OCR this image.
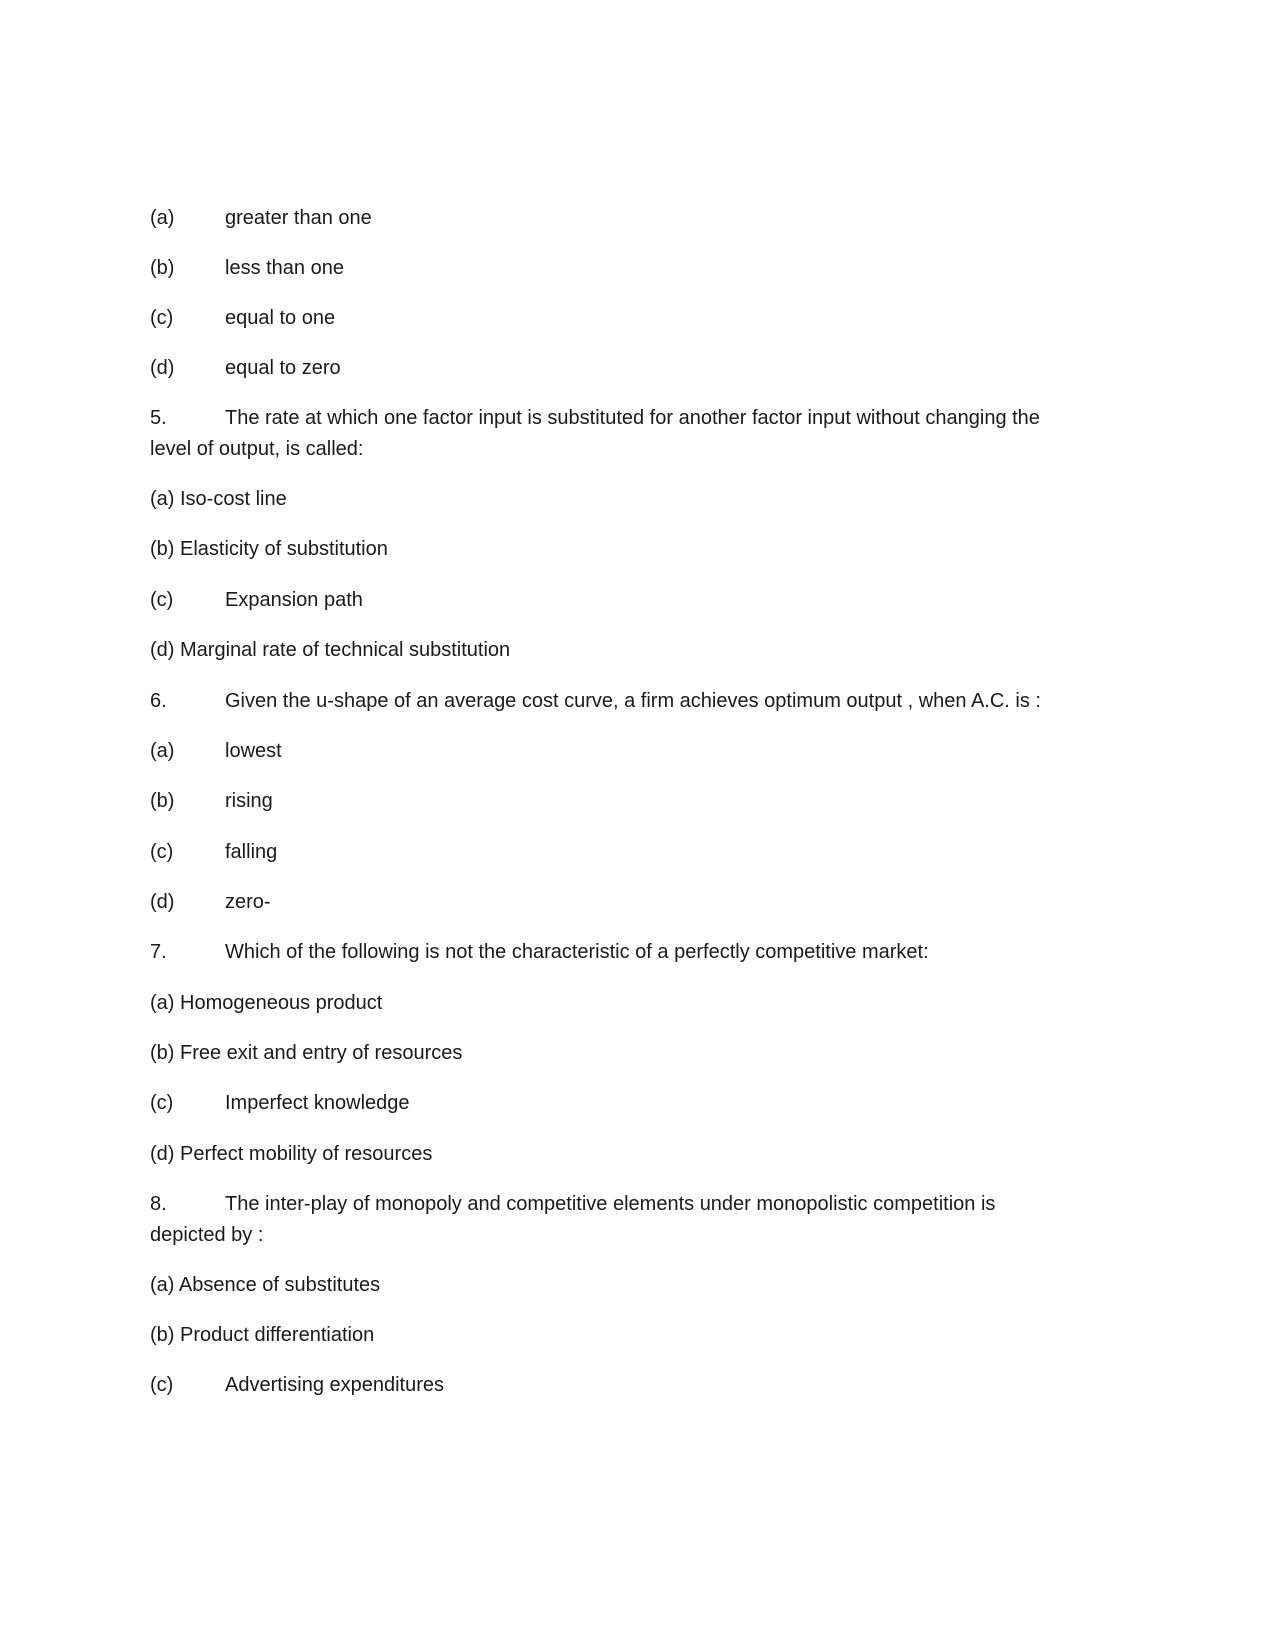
(a)	greater than one
(b)	less than one
(c)	equal to one
(d)	equal to zero
5.	The rate at which one factor input is substituted for another factor input without changing the
level of output, is called:
(a) Iso-cost line
(b) Elasticity of substitution
(c)	Expansion path
(d) Marginal rate of technical substitution
6.	Given the u-shape of an average cost curve, a firm achieves optimum output , when A.C. is :
(a)	lowest
(b)	rising
(c)	falling
(d)	zero-
7.	Which of the following is not the characteristic of a perfectly competitive market:
(a) Homogeneous product
(b) Free exit and entry of resources
(c)	Imperfect knowledge
(d) Perfect mobility of resources
8.	The inter-play of monopoly and competitive elements under monopolistic competition is
depicted by :
(a) Absence of substitutes
(b) Product differentiation
(c)	Advertising expenditures
